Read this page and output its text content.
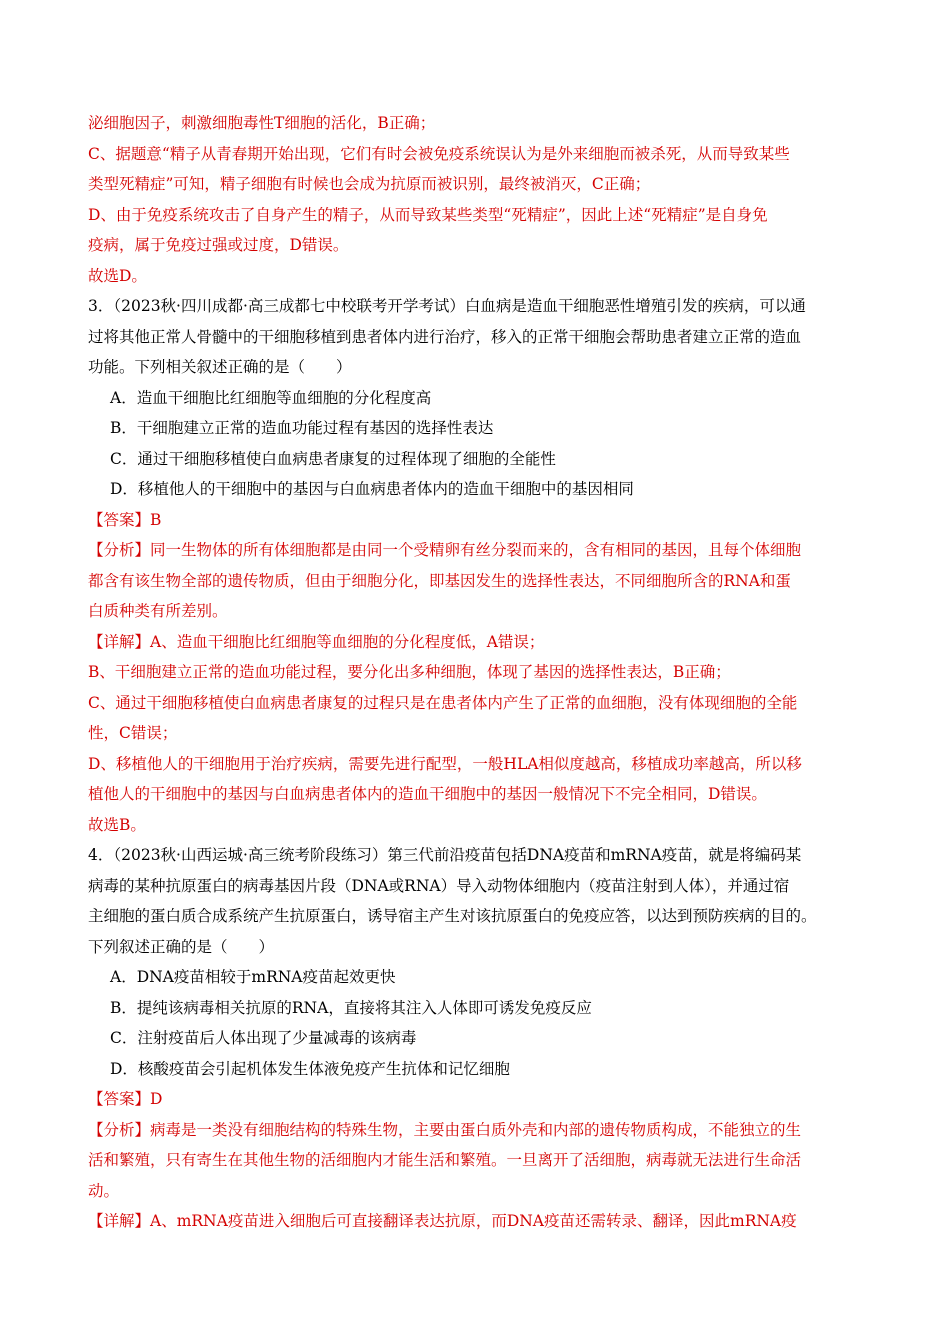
泌细胞因子，刺激细胞毒性T细胞的活化，B正确；
C、据题意“精子从青春期开始出现，它们有时会被免疫系统误认为是外来细胞而被杀死，从而导致某些
类型死精症”可知，精子细胞有时候也会成为抗原而被识别，最终被消灭，C正确；
D、由于免疫系统攻击了自身产生的精子，从而导致某些类型“死精症”，因此上述“死精症”是自身免
疫病，属于免疫过强或过度，D错误。
故选D。
3．（2023秋·四川成都·高三成都七中校联考开学考试）白血病是造血干细胞恶性增殖引发的疾病，可以通
过将其他正常人骨髓中的干细胞移植到患者体内进行治疗，移入的正常干细胞会帮助患者建立正常的造血
功能。下列相关叙述正确的是（　　）
A．造血干细胞比红细胞等血细胞的分化程度高
B．干细胞建立正常的造血功能过程有基因的选择性表达
C．通过干细胞移植使白血病患者康复的过程体现了细胞的全能性
D．移植他人的干细胞中的基因与白血病患者体内的造血干细胞中的基因相同
【答案】B
【分析】同一生物体的所有体细胞都是由同一个受精卵有丝分裂而来的，含有相同的基因，且每个体细胞
都含有该生物全部的遗传物质，但由于细胞分化，即基因发生的选择性表达，不同细胞所含的RNA和蛋
白质种类有所差别。
【详解】A、造血干细胞比红细胞等血细胞的分化程度低，A错误；
B、干细胞建立正常的造血功能过程，要分化出多种细胞，体现了基因的选择性表达，B正确；
C、通过干细胞移植使白血病患者康复的过程只是在患者体内产生了正常的血细胞，没有体现细胞的全能
性，C错误；
D、移植他人的干细胞用于治疗疾病，需要先进行配型，一般HLA相似度越高，移植成功率越高，所以移
植他人的干细胞中的基因与白血病患者体内的造血干细胞中的基因一般情况下不完全相同，D错误。
故选B。
4．（2023秋·山西运城·高三统考阶段练习）第三代前沿疫苗包括DNA疫苗和mRNA疫苗，就是将编码某
病毒的某种抗原蛋白的病毒基因片段（DNA或RNA）导入动物体细胞内（疫苗注射到人体），并通过宿
主细胞的蛋白质合成系统产生抗原蛋白，诱导宿主产生对该抗原蛋白的免疫应答，以达到预防疾病的目的。
下列叙述正确的是（　　）
A．DNA疫苗相较于mRNA疫苗起效更快
B．提纯该病毒相关抗原的RNA，直接将其注入人体即可诱发免疫反应
C．注射疫苗后人体出现了少量减毒的该病毒
D．核酸疫苗会引起机体发生体液免疫产生抗体和记忆细胞
【答案】D
【分析】病毒是一类没有细胞结构的特殊生物，主要由蛋白质外壳和内部的遗传物质构成，不能独立的生
活和繁殖，只有寄生在其他生物的活细胞内才能生活和繁殖。一旦离开了活细胞，病毒就无法进行生命活
动。
【详解】A、mRNA疫苗进入细胞后可直接翻译表达抗原，而DNA疫苗还需转录、翻译，因此mRNA疫
